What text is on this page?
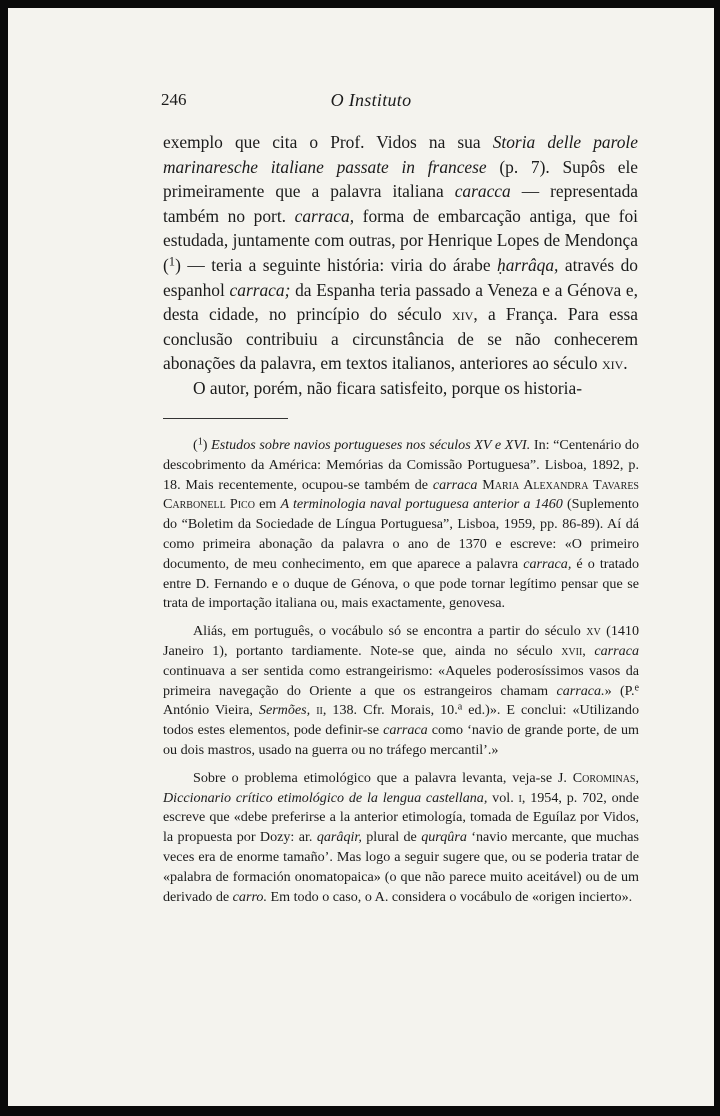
246	O Instituto

exemplo que cita o Prof. Vidos na sua Storia delle parole marinaresche italiane passate in francese (p. 7). Supôs ele primeiramente que a palavra italiana caracca — representada também no port. carraca, forma de embarcação antiga, que foi estudada, juntamente com outras, por Henrique Lopes de Mendonça ($^1$) — teria a seguinte história: viria do árabe ḥarrâqa, através do espanhol carraca; da Espanha teria passado a Veneza e a Génova e, desta cidade, no princípio do século xiv, a França. Para essa conclusão contribuiu a circunstância de se não conhecerem abonações da palavra, em textos italianos, anteriores ao século xiv.

O autor, porém, não ficara satisfeito, porque os historia-

($^1$) Estudos sobre navios portugueses nos séculos XV e XVI. In: “Centenário do descobrimento da América: Memórias da Comissão Portuguesa”. Lisboa, 1892, p. 18. Mais recentemente, ocupou-se também de carraca Maria Alexandra Tavares Carbonell Pico em A terminologia naval portuguesa anterior a 1460 (Suplemento do “Boletim da Sociedade de Língua Portuguesa”, Lisboa, 1959, pp. 86-89). Aí dá como primeira abonação da palavra o ano de 1370 e escreve: «O primeiro documento, de meu conhecimento, em que aparece a palavra carraca, é o tratado entre D. Fernando e o duque de Génova, o que pode tornar legítimo pensar que se trata de importação italiana ou, mais exactamente, genovesa.

Aliás, em português, o vocábulo só se encontra a partir do século xv (1410 Janeiro 1), portanto tardiamente. Note-se que, ainda no século xvii, carraca continuava a ser sentida como estrangeirismo: «Aqueles poderosíssimos vasos da primeira navegação do Oriente a que os estrangeiros chamam carraca.» (P.$^e$ António Vieira, Sermões, ii, 138. Cfr. Morais, 10.$^a$ ed.)». E conclui: «Utilizando todos estes elementos, pode definir-se carraca como ‘navio de grande porte, de um ou dois mastros, usado na guerra ou no tráfego mercantil’.»

Sobre o problema etimológico que a palavra levanta, veja-se J. Corominas, Diccionario crítico etimológico de la lengua castellana, vol. i, 1954, p. 702, onde escreve que «debe preferirse a la anterior etimología, tomada de Eguílaz por Vidos, la propuesta por Dozy: ar. qarâqir, plural de qurqûra ‘navio mercante, que muchas veces era de enorme tamaño’. Mas logo a seguir sugere que, ou se poderia tratar de «palabra de formación onomatopaica» (o que não parece muito aceitável) ou de um derivado de carro. Em todo o caso, o A. considera o vocábulo de «origen incierto».
